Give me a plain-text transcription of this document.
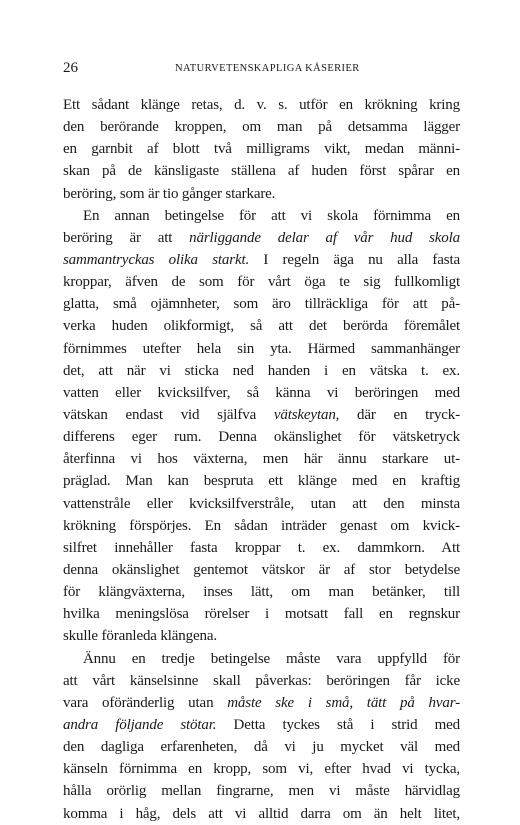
26	NATURVETENSKAPLIGA KÅSERIER
Ett sådant klänge retas, d. v. s. utför en krökning kring
den berörande kroppen, om man på detsamma lägger
en garnbit af blott två milligrams vikt, medan männi-
skan på de känsligaste ställena af huden först spårar en
beröring, som är tio gånger starkare.
En annan betingelse för att vi skola förnimma en
beröring är att närliggande delar af vår hud skola
sammantryckas olika starkt. I regeln äga nu alla fasta
kroppar, äfven de som för vårt öga te sig fullkomligt
glatta, små ojämnheter, som äro tillräckliga för att på-
verka huden olikformigt, så att det berörda föremålet
förnimmes utefter hela sin yta. Härmed sammanhänger
det, att när vi sticka ned handen i en vätska t. ex.
vatten eller kvicksilfver, så känna vi beröringen med
vätskan endast vid själfva vätskeytan, där en tryck-
differens eger rum. Denna okänslighet för vätsketryck
återfinna vi hos växterna, men här ännu starkare ut-
präglad. Man kan bespruta ett klänge med en kraftig
vattenstråle eller kvicksilfverstråle, utan att den minsta
krökning förspörjes. En sådan inträder genast om kvick-
silfret innehåller fasta kroppar t. ex. dammkorn. Att
denna okänslighet gentemot vätskor är af stor betydelse
för klängväxterna, inses lätt, om man betänker, till
hvilka meningslösa rörelser i motsatt fall en regnskur
skulle föranleda klängena.
Ännu en tredje betingelse måste vara uppfylld för
att vårt känselsinne skall påverkas: beröringen får icke
vara oföränderlig utan måste ske i små, tätt på hvar-
andra följande stötar. Detta tyckes stå i strid med
den dagliga erfarenheten, då vi ju mycket väl med
känseln förnimma en kropp, som vi, efter hvad vi tycka,
hålla orörlig mellan fingrarne, men vi måste härvidlag
komma i håg, dels att vi alltid darra om än helt litet,
